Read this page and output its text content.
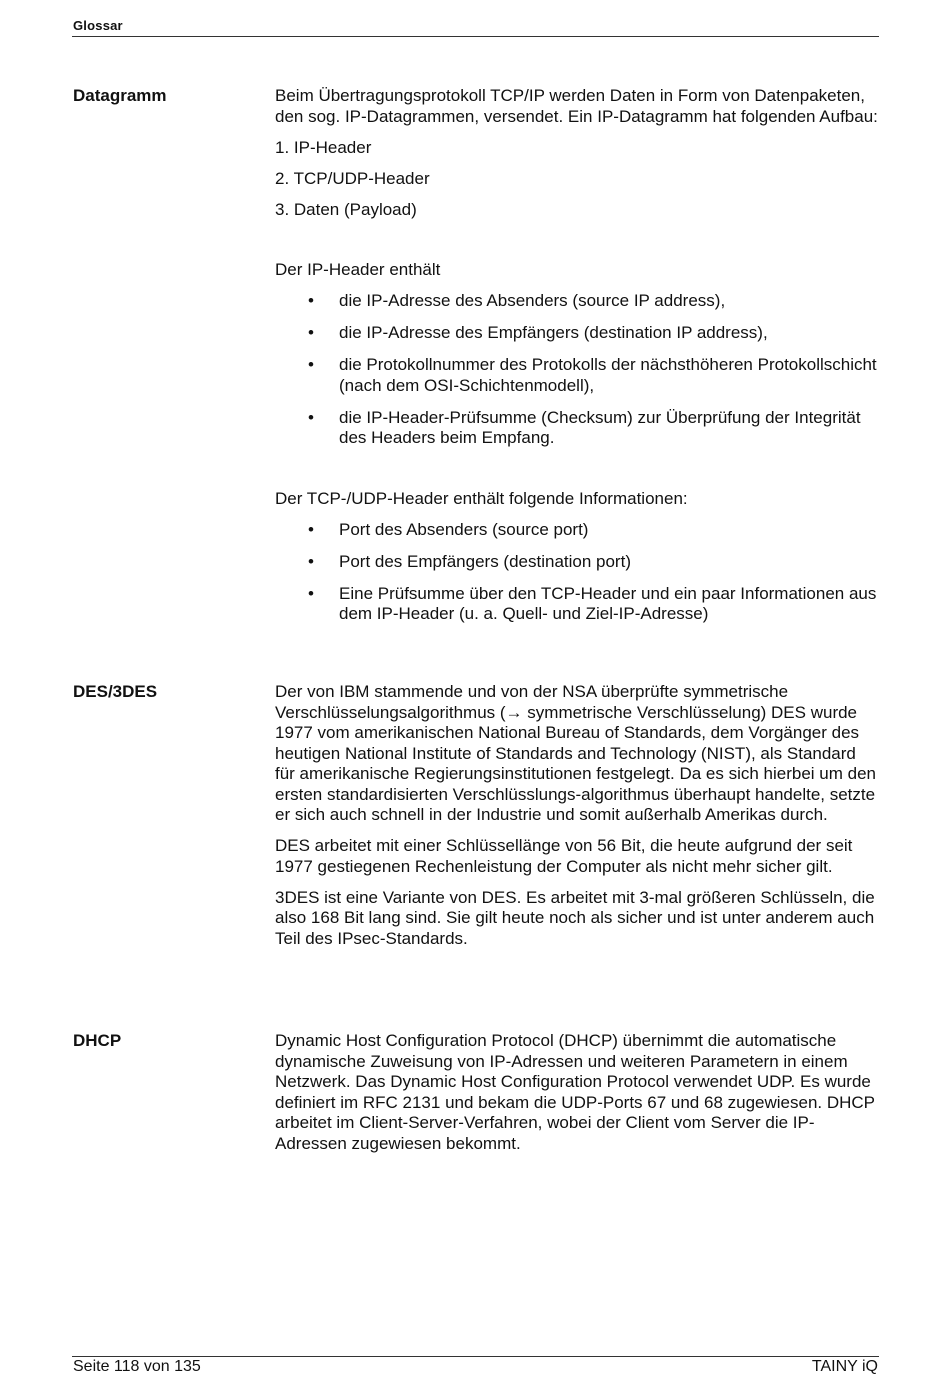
Glossar
Datagramm	Beim Übertragungsprotokoll TCP/IP werden Daten in Form von Datenpaketen, den sog. IP-Datagrammen, versendet. Ein IP-Datagramm hat folgenden Aufbau:

1. IP-Header

2. TCP/UDP-Header

3. Daten (Payload)

Der IP-Header enthält

• die IP-Adresse des Absenders (source IP address),
• die IP-Adresse des Empfängers (destination IP address),
• die Protokollnummer des Protokolls der nächsthöheren Protokollschicht (nach dem OSI-Schichtenmodell),
• die IP-Header-Prüfsumme (Checksum) zur Überprüfung der Integrität des Headers beim Empfang.

Der TCP-/UDP-Header enthält folgende Informationen:

• Port des Absenders (source port)
• Port des Empfängers (destination port)
• Eine Prüfsumme über den TCP-Header und ein paar Informationen aus dem IP-Header (u. a. Quell- und Ziel-IP-Adresse)
DES/3DES	Der von IBM stammende und von der NSA überprüfte symmetrische Verschlüsselungsalgorithmus (→ symmetrische Verschlüsselung) DES wurde 1977 vom amerikanischen National Bureau of Standards, dem Vorgänger des heutigen National Institute of Standards and Technology (NIST), als Standard für amerikanische Regierungsinstitutionen festgelegt. Da es sich hierbei um den ersten standardisierten Verschlüsslungs-algorithmus überhaupt handelte, setzte er sich auch schnell in der Industrie und somit außerhalb Amerikas durch.

DES arbeitet mit einer Schlüssellänge von 56 Bit, die heute aufgrund der seit 1977 gestiegenen Rechenleistung der Computer als nicht mehr sicher gilt.

3DES ist eine Variante von DES. Es arbeitet mit 3-mal größeren Schlüsseln, die also 168 Bit lang sind. Sie gilt heute noch als sicher und ist unter anderem auch Teil des IPsec-Standards.

DHCP	Dynamic Host Configuration Protocol (DHCP) übernimmt die automatische dynamische Zuweisung von IP-Adressen und weiteren Parametern in einem Netzwerk. Das Dynamic Host Configuration Protocol verwendet UDP. Es wurde definiert im RFC 2131 und bekam die UDP-Ports 67 und 68 zugewiesen. DHCP arbeitet im Client-Server-Verfahren, wobei der Client vom Server die IP-Adressen zugewiesen bekommt.

Seite 118 von 135	TAINY iQ
